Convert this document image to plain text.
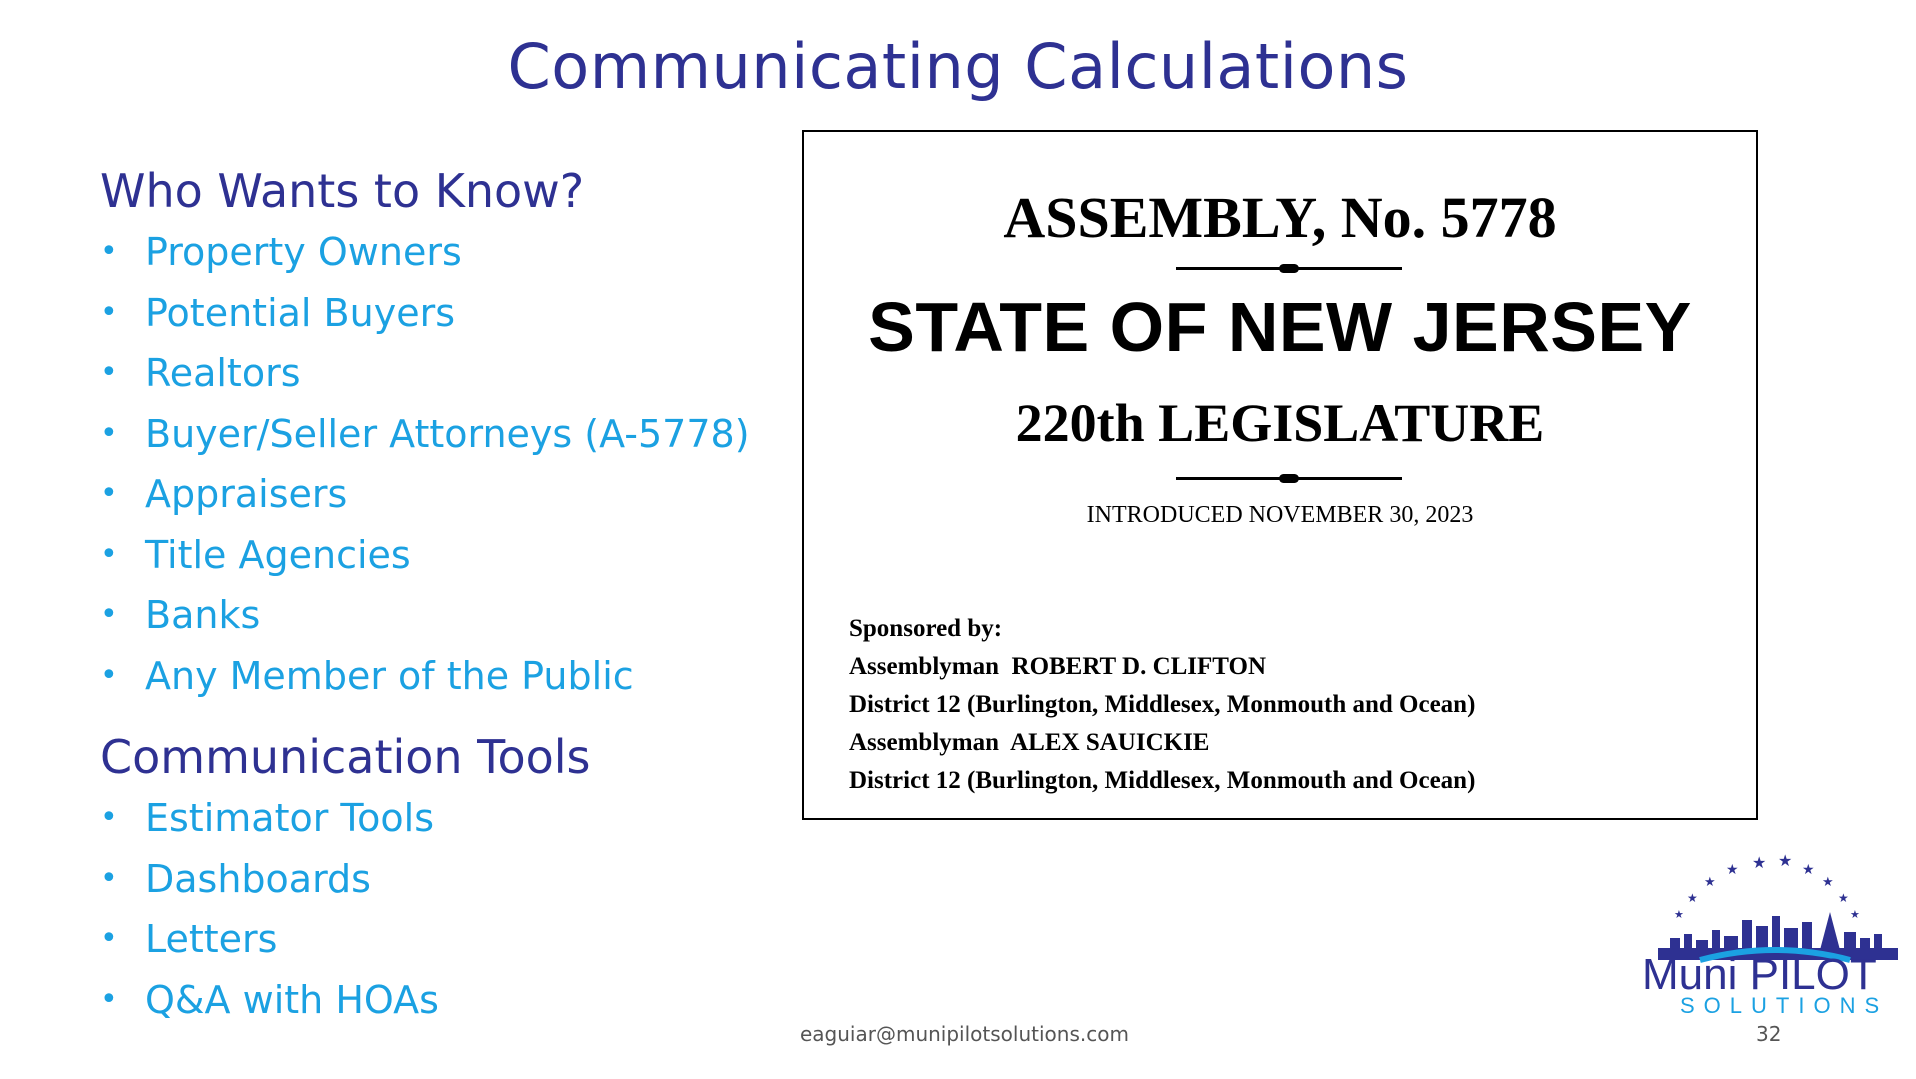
Communicating Calculations

Who Wants to Know?

• Property Owners
• Potential Buyers
• Realtors
• Buyer/Seller Attorneys (A-5778)
• Appraisers
• Title Agencies
• Banks
• Any Member of the Public

Communication Tools

• Estimator Tools
• Dashboards
• Letters
• Q&A with HOAs
ASSEMBLY, No. 5778
STATE OF NEW JERSEY
220th LEGISLATURE
INTRODUCED NOVEMBER 30, 2023
Sponsored by:
Assemblyman  ROBERT D. CLIFTON
District 12 (Burlington, Middlesex, Monmouth and Ocean)
Assemblyman  ALEX SAUICKIE
District 12 (Burlington, Middlesex, Monmouth and Ocean)
★ ★
★	★
★	★
★	★
★	★
Muni PILOT
SOLUTIONS
eaguiar@munipilotsolutions.com	32
